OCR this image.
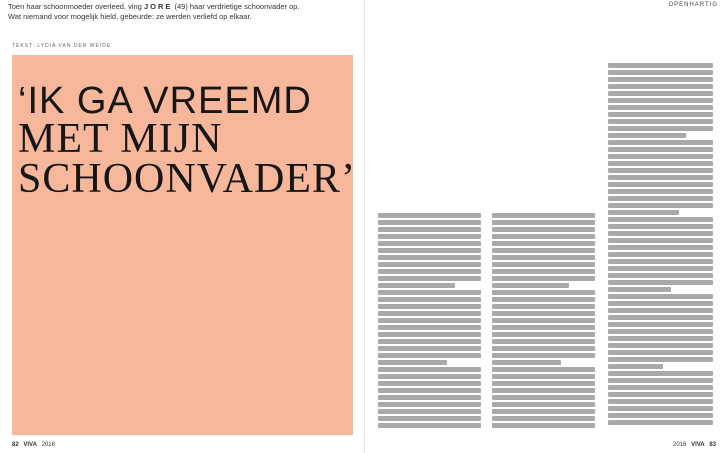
Toen haar schoonmoeder overleed, ving JORE (49) haar verdrietige schoonvader op.
Wat niemand voor mogelijk hield, gebeurde: ze werden verliefd op elkaar.
OPENHARTIG
TEKST: LYDIA VAN DER WEIDE
‘IK GA VREEMD
MET MIJN
SCHOONVADER’
82 VIVA 2016	2016 VIVA 83
